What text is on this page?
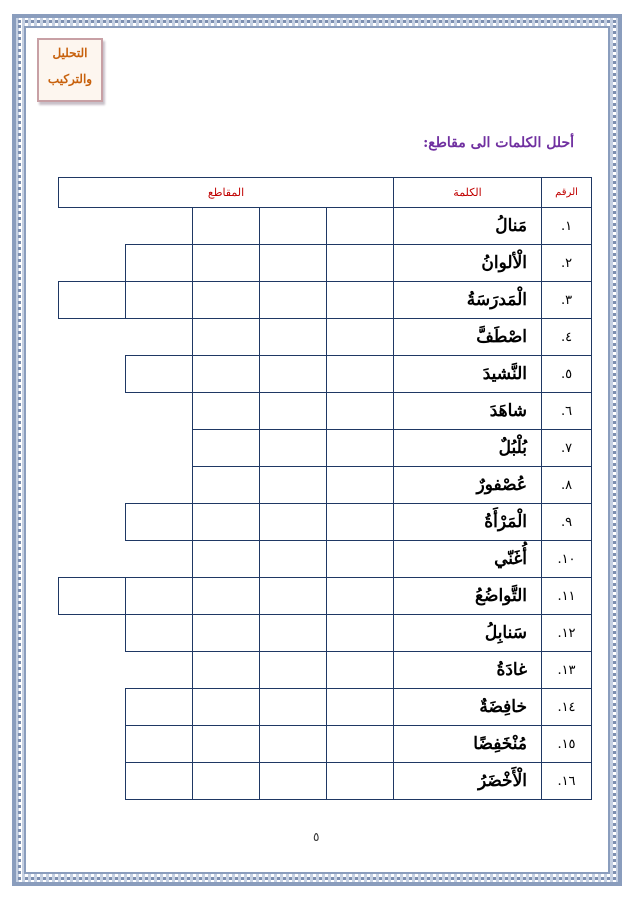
التحليل
والتركيب
أحلل الكلمات الى مقاطع:
المقاطع					الكلمة	الرقم
					مَنالُ	١.
					الْألوانُ	٢.
					الْمَدرَسَةُ	٣.
					اصْطَفَّ	٤.
					النَّشيدَ	٥.
					شاهَدَ	٦.
					بُلْبُلٌ	٧.
					عُصْفورٌ	٨.
					الْمَرْأَةُ	٩.
					أُغَنّي	١٠.
					التَّواضُعُ	١١.
					سَنابِلُ	١٢.
					غادَةُ	١٣.
					خافِضَةٌ	١٤.
					مُنْخَفِضًا	١٥.
					الْأَخْضَرُ	١٦.
٥
